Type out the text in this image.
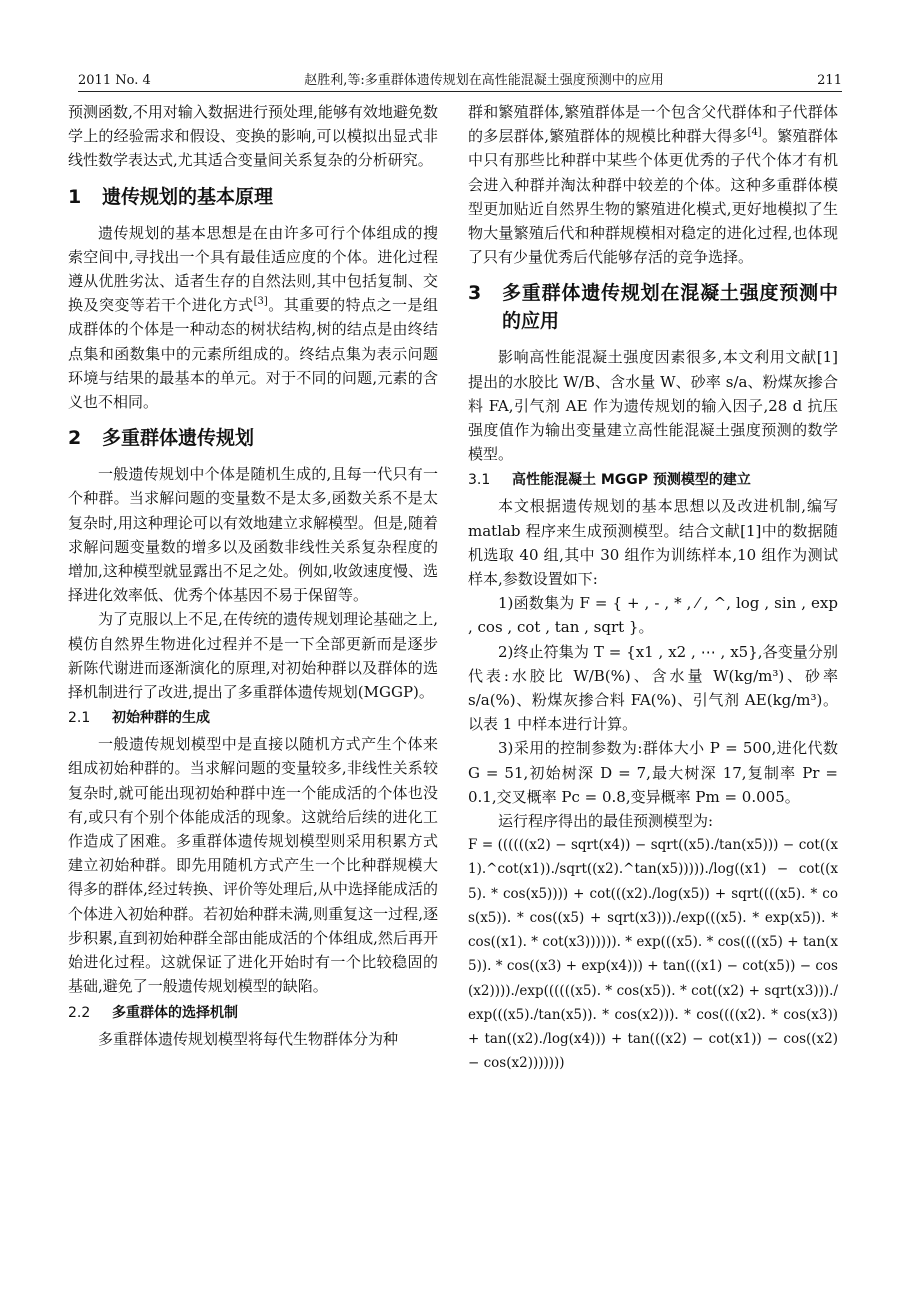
2011 No. 4	赵胜利,等:多重群体遗传规划在高性能混凝土强度预测中的应用	211

预测函数,不用对输入数据进行预处理,能够有效地避免数学上的经验需求和假设、变换的影响,可以模拟出显式非线性数学表达式,尤其适合变量间关系复杂的分析研究。

1 遗传规划的基本原理

遗传规划的基本思想是在由许多可行个体组成的搜索空间中,寻找出一个具有最佳适应度的个体。进化过程遵从优胜劣汰、适者生存的自然法则,其中包括复制、交换及突变等若干个进化方式[3]。其重要的特点之一是组成群体的个体是一种动态的树状结构,树的结点是由终结点集和函数集中的元素所组成的。终结点集为表示问题环境与结果的最基本的单元。对于不同的问题,元素的含义也不相同。

2 多重群体遗传规划

一般遗传规划中个体是随机生成的,且每一代只有一个种群。当求解问题的变量数不是太多,函数关系不是太复杂时,用这种理论可以有效地建立求解模型。但是,随着求解问题变量数的增多以及函数非线性关系复杂程度的增加,这种模型就显露出不足之处。例如,收敛速度慢、选择进化效率低、优秀个体基因不易于保留等。

为了克服以上不足,在传统的遗传规划理论基础之上,模仿自然界生物进化过程并不是一下全部更新而是逐步新陈代谢进而逐渐演化的原理,对初始种群以及群体的选择机制进行了改进,提出了多重群体遗传规划(MGGP)。

2.1 初始种群的生成

一般遗传规划模型中是直接以随机方式产生个体来组成初始种群的。当求解问题的变量较多,非线性关系较复杂时,就可能出现初始种群中连一个能成活的个体也没有,或只有个别个体能成活的现象。这就给后续的进化工作造成了困难。多重群体遗传规划模型则采用积累方式建立初始种群。即先用随机方式产生一个比种群规模大得多的群体,经过转换、评价等处理后,从中选择能成活的个体进入初始种群。若初始种群未满,则重复这一过程,逐步积累,直到初始种群全部由能成活的个体组成,然后再开始进化过程。这就保证了进化开始时有一个比较稳固的基础,避免了一般遗传规划模型的缺陷。

2.2 多重群体的选择机制

多重群体遗传规划模型将每代生物群体分为种

群和繁殖群体,繁殖群体是一个包含父代群体和子代群体的多层群体,繁殖群体的规模比种群大得多[4]。繁殖群体中只有那些比种群中某些个体更优秀的子代个体才有机会进入种群并淘汰种群中较差的个体。这种多重群体模型更加贴近自然界生物的繁殖进化模式,更好地模拟了生物大量繁殖后代和种群规模相对稳定的进化过程,也体现了只有少量优秀后代能够存活的竞争选择。

3	多重群体遗传规划在混凝土强度预测中的应用

影响高性能混凝土强度因素很多,本文利用文献[1]提出的水胶比 W/B、含水量 W、砂率 s/a、粉煤灰掺合料 FA,引气剂 AE 作为遗传规划的输入因子,28 d 抗压强度值作为输出变量建立高性能混凝土强度预测的数学模型。

3.1 高性能混凝土 MGGP 预测模型的建立

本文根据遗传规划的基本思想以及改进机制,编写 matlab 程序来生成预测模型。结合文献[1]中的数据随机选取 40 组,其中 30 组作为训练样本,10 组作为测试样本,参数设置如下:

1)函数集为 F = { + , - , * , ⁄ , ^, log , sin , exp , cos , cot , tan , sqrt }。

2)终止符集为 T = {x1 , x2 , ⋯ , x5},各变量分别代表:水胶比 W/B(%)、含水量 W(kg/m³)、砂率 s/a(%)、粉煤灰掺合料 FA(%)、引气剂 AE(kg/m³)。以表 1 中样本进行计算。

3)采用的控制参数为:群体大小 P = 500,进化代数 G = 51,初始树深 D = 7,最大树深 17,复制率 Pr = 0.1,交叉概率 Pc = 0.8,变异概率 Pm = 0.005。

运行程序得出的最佳预测模型为:

F = ((((((x2) − sqrt(x4)) − sqrt((x5)./tan(x5))) − cot((x1).^cot(x1))./sqrt((x2).^tan(x5)))))./log((x1) − cot((x5). * cos(x5)))) + cot(((x2)./log(x5)) + sqrt((((x5). * cos(x5)). * cos((x5) + sqrt(x3)))./exp(((x5). * exp(x5)). * cos((x1). * cot(x3)))))). * exp(((x5). * cos((((x5) + tan(x5)). * cos((x3) + exp(x4))) + tan(((x1) − cot(x5)) − cos(x2))))./exp((((((x5). * cos(x5)). * cot((x2) + sqrt(x3)))./exp(((x5)./tan(x5)). * cos(x2))). * cos((((x2). * cos(x3)) + tan((x2)./log(x4))) + tan(((x2) − cot(x1)) − cos((x2) − cos(x2)))))))
